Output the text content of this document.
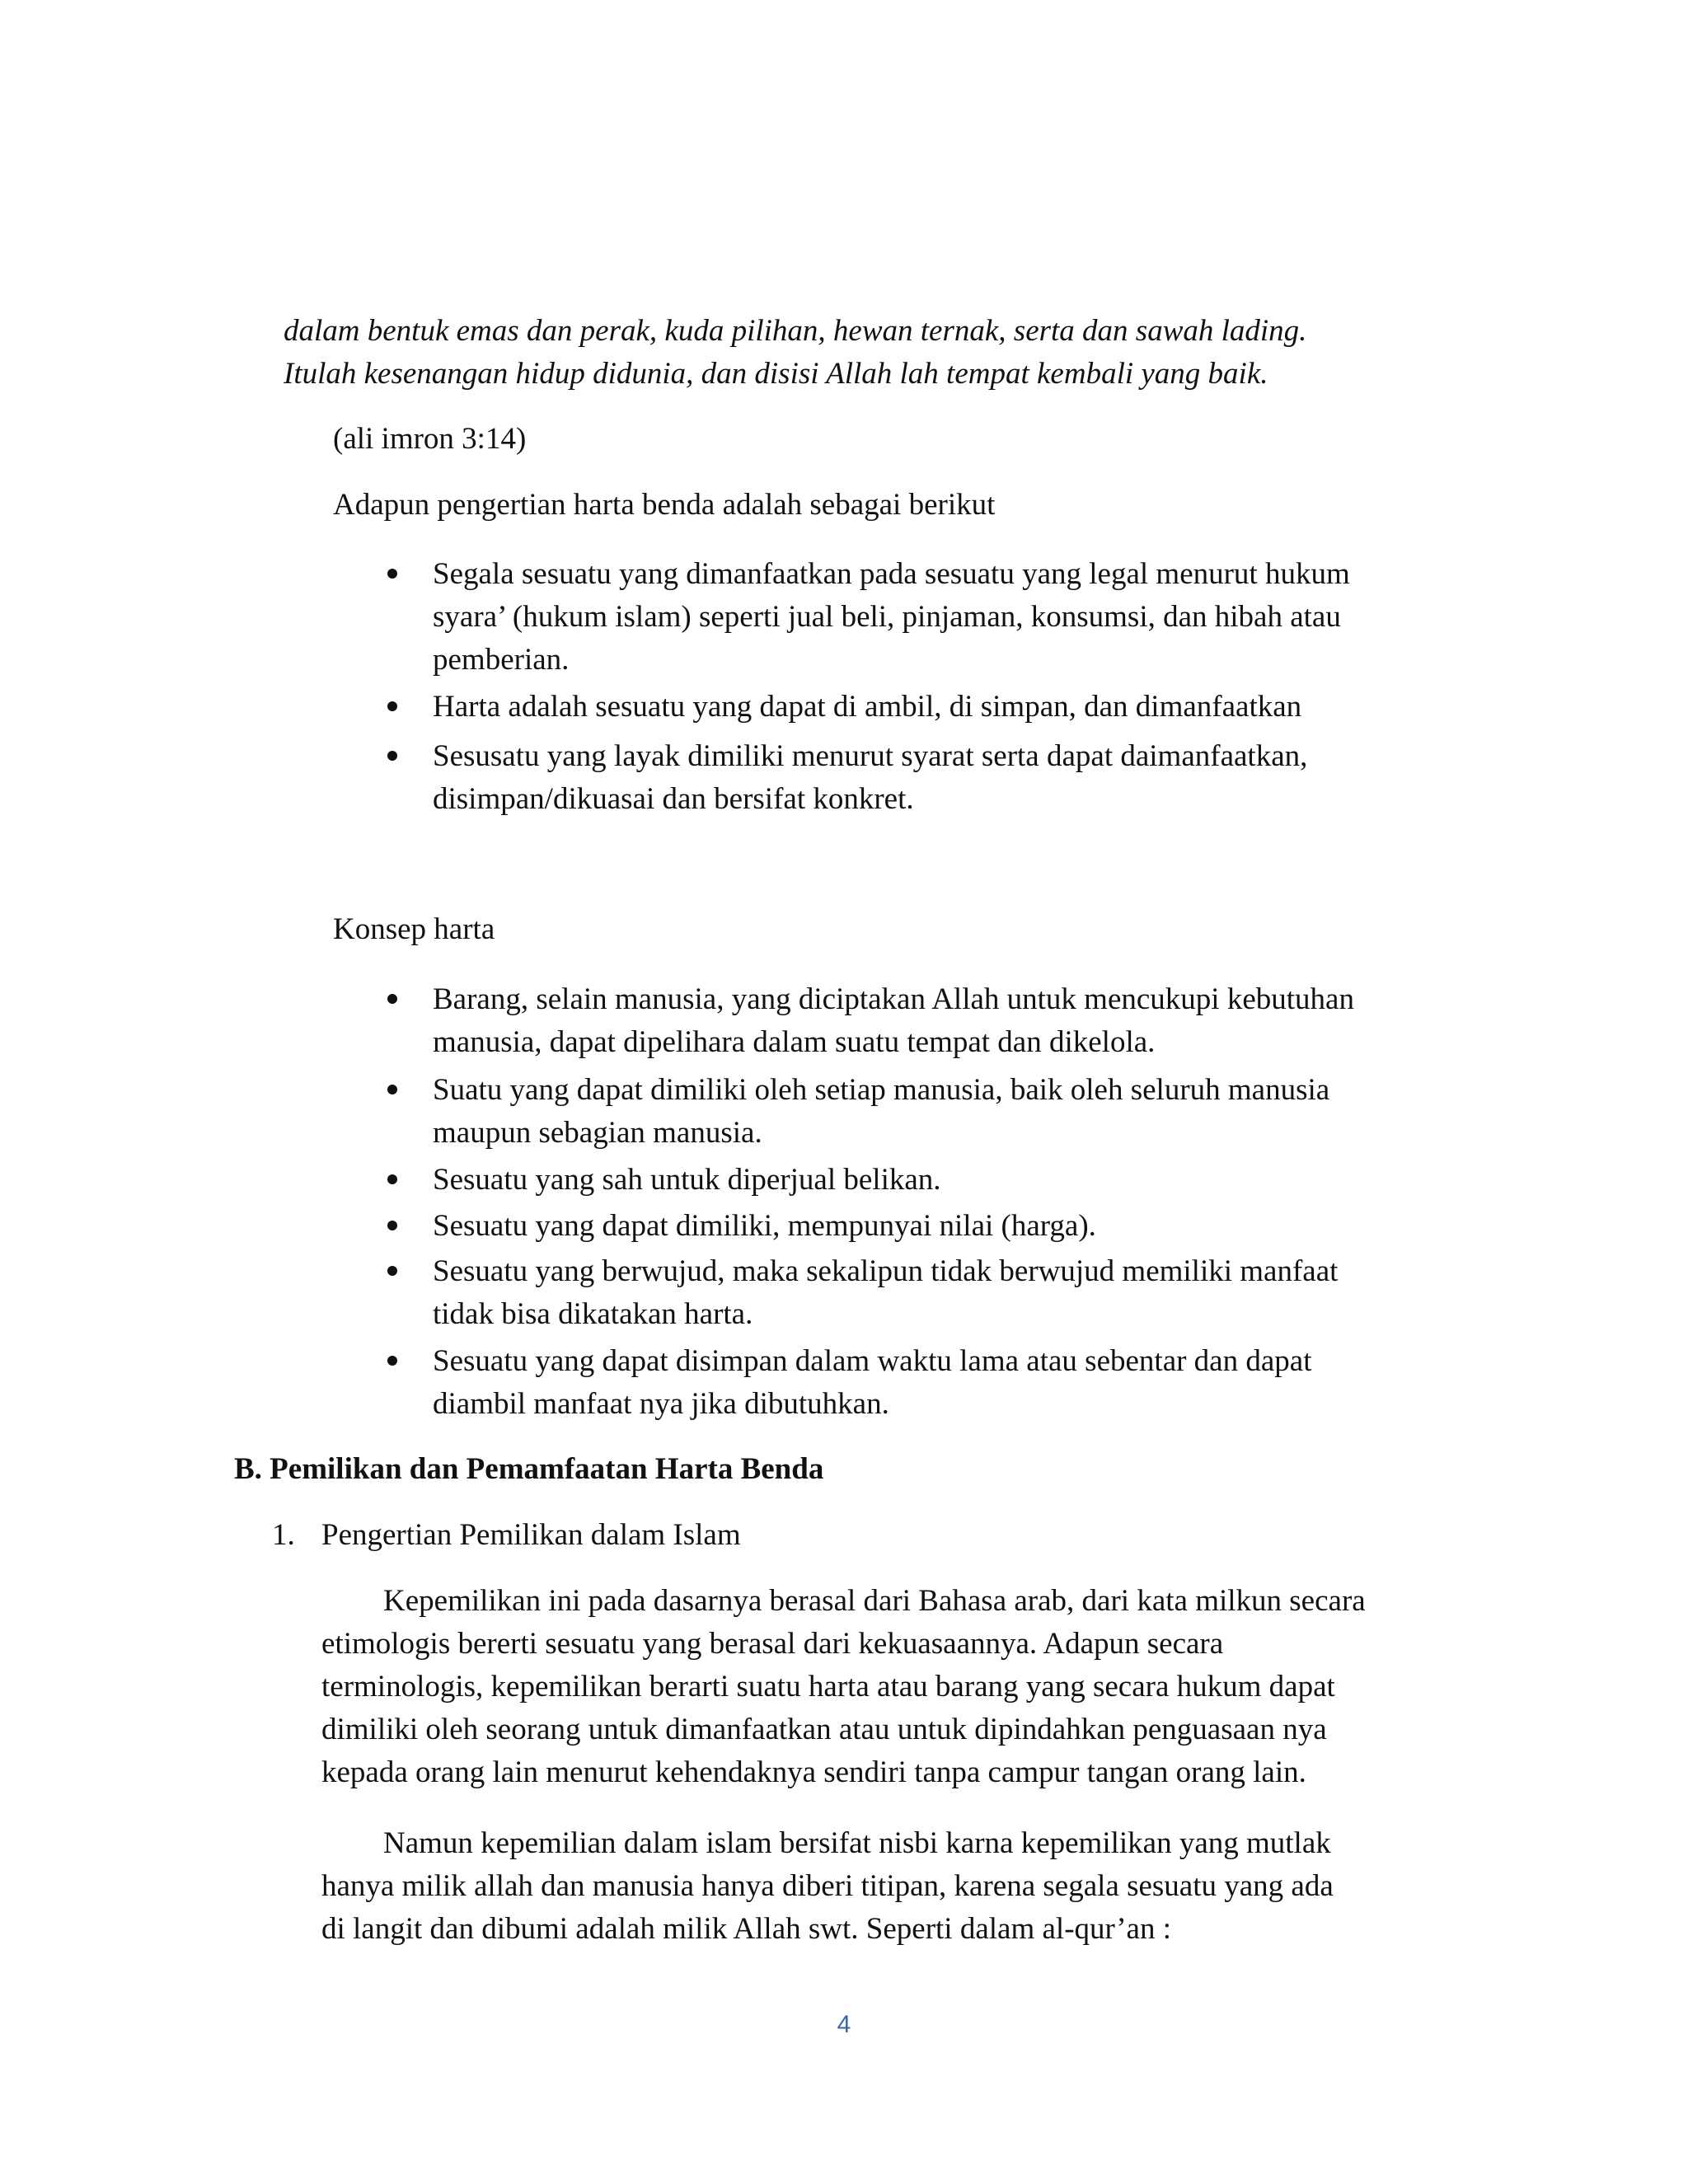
dalam bentuk emas dan perak, kuda pilihan, hewan ternak, serta dan sawah lading.
Itulah kesenangan hidup didunia, dan disisi Allah lah tempat kembali yang baik.
(ali imron 3:14)
Adapun pengertian harta benda adalah sebagai berikut
Segala sesuatu yang dimanfaatkan pada sesuatu yang legal menurut hukum
syara’ (hukum islam) seperti jual beli, pinjaman, konsumsi, dan hibah atau
pemberian.
Harta adalah sesuatu yang dapat di ambil, di simpan, dan dimanfaatkan
Sesusatu yang layak dimiliki menurut syarat serta dapat daimanfaatkan,
disimpan/dikuasai dan bersifat konkret.
Konsep harta
Barang, selain manusia, yang diciptakan Allah untuk mencukupi kebutuhan
manusia, dapat dipelihara dalam suatu tempat dan dikelola.
Suatu yang dapat dimiliki oleh setiap manusia, baik oleh seluruh manusia
maupun sebagian manusia.
Sesuatu yang sah untuk diperjual belikan.
Sesuatu yang dapat dimiliki, mempunyai nilai (harga).
Sesuatu yang berwujud, maka sekalipun tidak berwujud memiliki manfaat
tidak bisa dikatakan harta.
Sesuatu yang dapat disimpan dalam waktu lama atau sebentar dan dapat
diambil manfaat nya jika dibutuhkan.
B. Pemilikan dan Pemamfaatan Harta Benda
1. Pengertian Pemilikan dalam Islam
Kepemilikan ini pada dasarnya berasal dari Bahasa arab, dari kata milkun secara
etimologis bererti sesuatu yang berasal dari kekuasaannya. Adapun secara
terminologis, kepemilikan berarti suatu harta atau barang yang secara hukum dapat
dimiliki oleh seorang untuk dimanfaatkan atau untuk dipindahkan penguasaan nya
kepada orang lain menurut kehendaknya sendiri tanpa campur tangan orang lain.
Namun kepemilian dalam islam bersifat nisbi karna kepemilikan yang mutlak
hanya milik allah dan manusia hanya diberi titipan, karena segala sesuatu yang ada
di langit dan dibumi adalah milik Allah swt. Seperti dalam al-qur’an :
4
